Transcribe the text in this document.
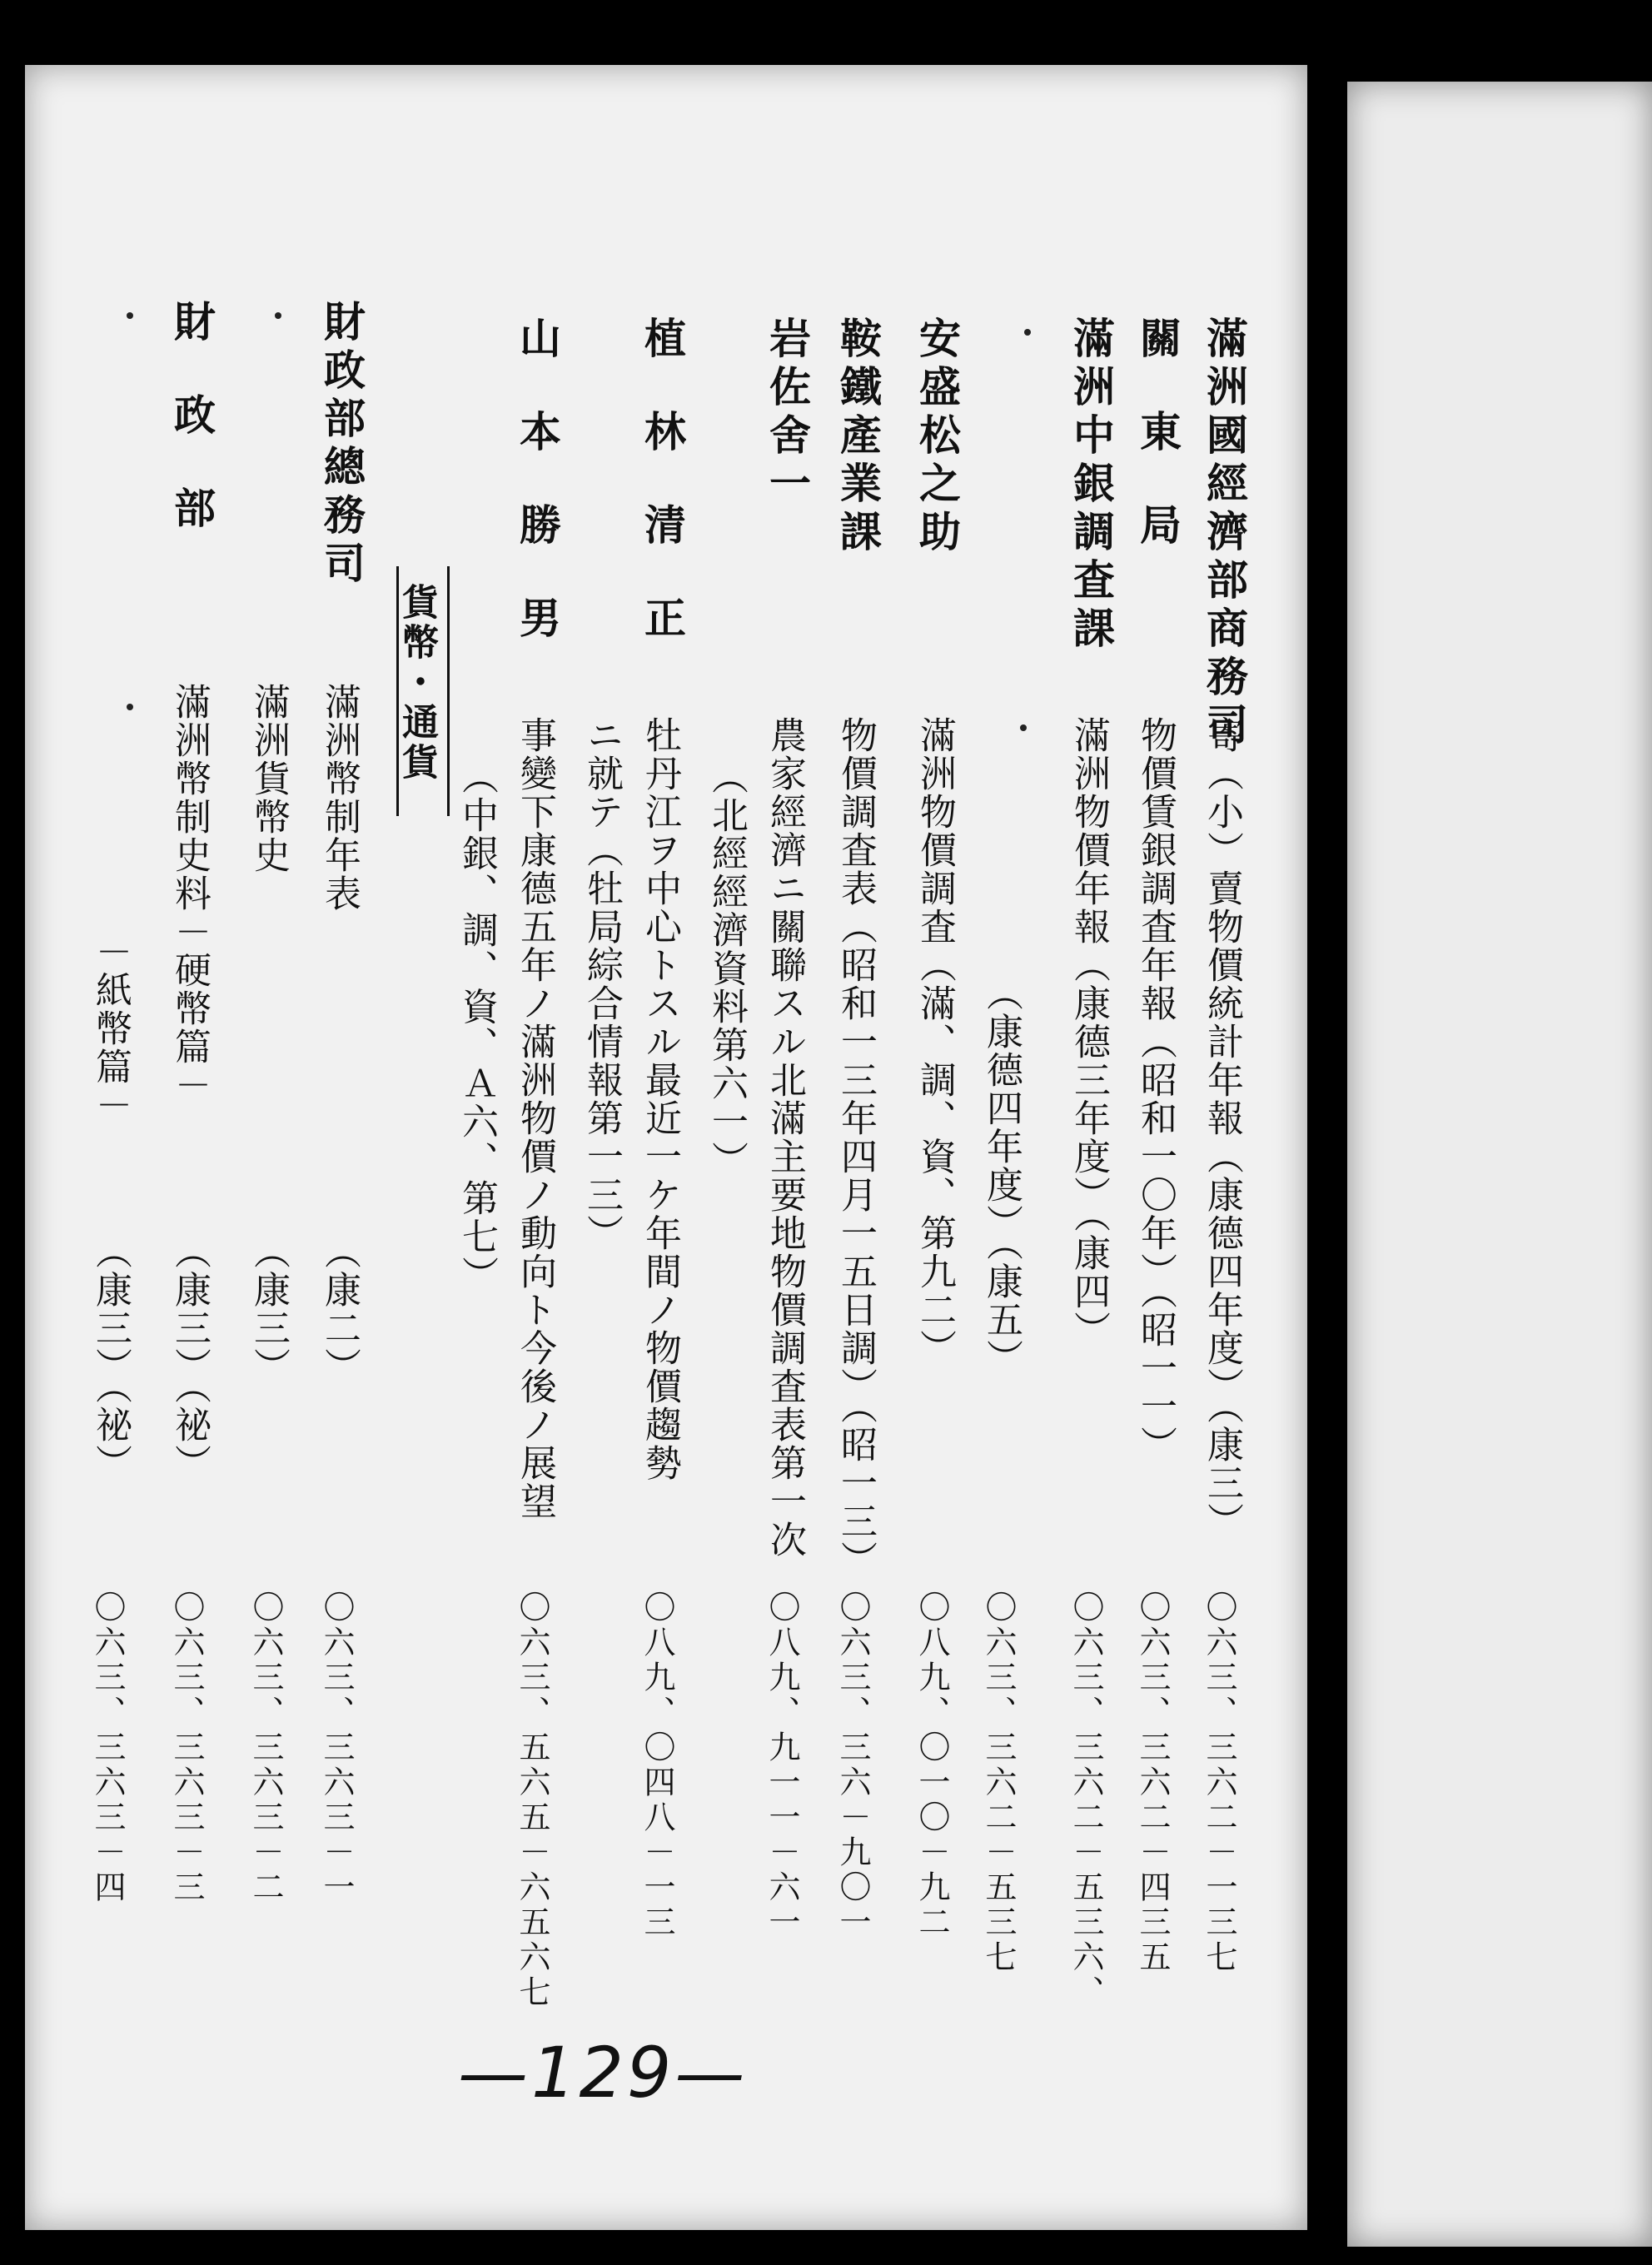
滿洲國經濟部商務司
寄（小）賣物價統計年報（康德四年度）（康三）
〇六三、三六二－一三七
關東局
物價賃銀調査年報（昭和一〇年）（昭一一）
〇六三、三六二－四三五
滿洲中銀調査課
滿洲物價年報（康德三年度）（康四）
〇六三、三六二－五三六、
（康德四年度）（康五）
〇六三、三六二－五三七
安盛松之助
滿洲物價調査（滿、調、資、第九二）
〇八九、〇一〇－九二
鞍鐵產業課
物價調査表（昭和一三年四月一五日調）（昭一三）
〇六三、三六－九〇一
岩佐舍一
農家經濟ニ關聯スル北滿主要地物價調査表第一次
〇八九、九一一－六一
（北經經濟資料第六一）
植林清正
牡丹江ヲ中心トスル最近一ケ年間ノ物價趨勢
〇八九、〇四八－一三
ニ就テ（牡局綜合情報第一三）
山本勝男
事變下康德五年ノ滿洲物價ノ動向ト今後ノ展望
〇六三、五六五－六五六七
（中銀、調、資、Ａ六、第七）
貨幣・通貨
財政部總務司
滿洲幣制年表
（康二）
〇六三、三六三－一
滿洲貨幣史
（康三）
〇六三、三六三－二
財政部
滿洲幣制史料－硬幣篇－
（康三）（祕）
〇六三、三六三－三
－紙幣篇－
（康三）（祕）
〇六三、三六三－四
—129—
